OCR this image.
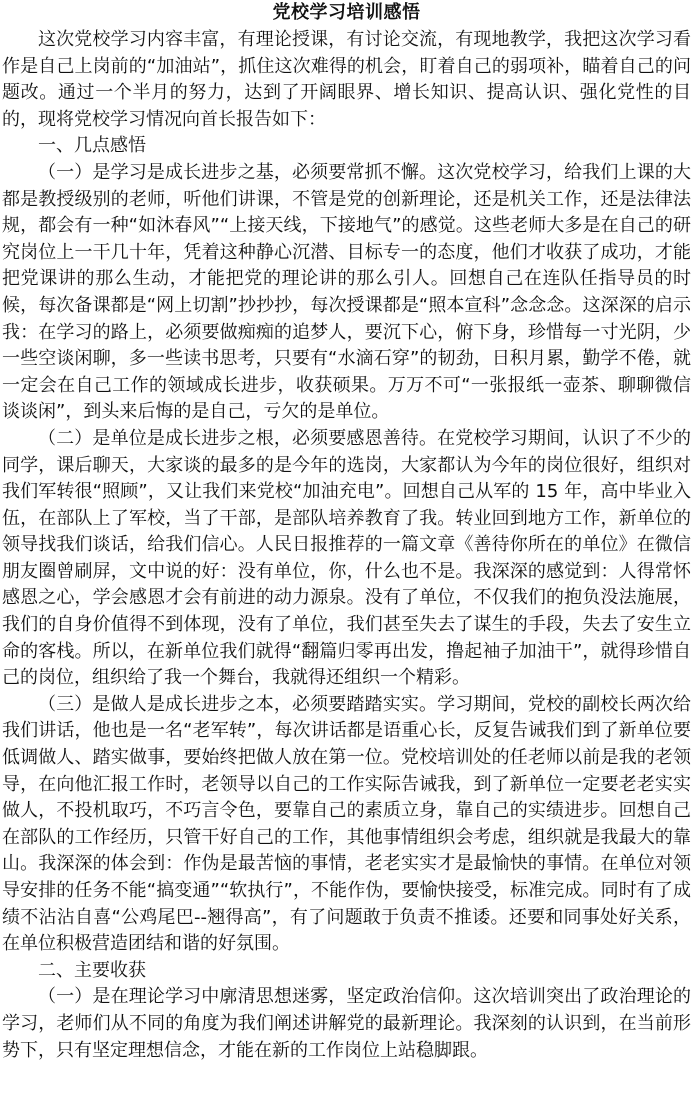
党校学习培训感悟

这次党校学习内容丰富，有理论授课，有讨论交流，有现地教学，我把这次学习看作是自己上岗前的“加油站”，抓住这次难得的机会，盯着自己的弱项补，瞄着自己的问题改。通过一个半月的努力，达到了开阔眼界、增长知识、提高认识、强化党性的目的，现将党校学习情况向首长报告如下：

一、几点感悟

（一）是学习是成长进步之基，必须要常抓不懈。这次党校学习，给我们上课的大都是教授级别的老师，听他们讲课，不管是党的创新理论，还是机关工作，还是法律法规，都会有一种“如沐春风”“上接天线，下接地气”的感觉。这些老师大多是在自己的研究岗位上一干几十年，凭着这种静心沉潜、目标专一的态度，他们才收获了成功，才能把党课讲的那么生动，才能把党的理论讲的那么引人。回想自己在连队任指导员的时候，每次备课都是“网上切割”抄抄抄，每次授课都是“照本宣科”念念念。这深深的启示我：在学习的路上，必须要做痴痴的追梦人，要沉下心，俯下身，珍惜每一寸光阴，少一些空谈闲聊，多一些读书思考，只要有“水滴石穿”的韧劲，日积月累，勤学不倦，就一定会在自己工作的领域成长进步，收获硕果。万万不可“一张报纸一壶茶、聊聊微信谈谈闲”，到头来后悔的是自己，亏欠的是单位。

（二）是单位是成长进步之根，必须要感恩善待。在党校学习期间，认识了不少的同学，课后聊天，大家谈的最多的是今年的选岗，大家都认为今年的岗位很好，组织对我们军转很“照顾”，又让我们来党校“加油充电”。回想自己从军的 15 年，高中毕业入伍，在部队上了军校，当了干部，是部队培养教育了我。转业回到地方工作，新单位的领导找我们谈话，给我们信心。人民日报推荐的一篇文章《善待你所在的单位》在微信朋友圈曾刷屏，文中说的好：没有单位，你，什么也不是。我深深的感觉到：人得常怀感恩之心，学会感恩才会有前进的动力源泉。没有了单位，不仅我们的抱负没法施展，我们的自身价值得不到体现，没有了单位，我们甚至失去了谋生的手段，失去了安生立命的客栈。所以，在新单位我们就得“翻篇归零再出发，撸起袖子加油干”，就得珍惜自己的岗位，组织给了我一个舞台，我就得还组织一个精彩。

（三）是做人是成长进步之本，必须要踏踏实实。学习期间，党校的副校长两次给我们讲话，他也是一名“老军转”，每次讲话都是语重心长，反复告诫我们到了新单位要低调做人、踏实做事，要始终把做人放在第一位。党校培训处的任老师以前是我的老领导，在向他汇报工作时，老领导以自己的工作实际告诫我，到了新单位一定要老老实实做人，不投机取巧，不巧言令色，要靠自己的素质立身，靠自己的实绩进步。回想自己在部队的工作经历，只管干好自己的工作，其他事情组织会考虑，组织就是我最大的靠山。我深深的体会到：作伪是最苦恼的事情，老老实实才是最愉快的事情。在单位对领导安排的任务不能“搞变通”“软执行”，不能作伪，要愉快接受，标准完成。同时有了成绩不沾沾自喜“公鸡尾巴--翘得高”，有了问题敢于负责不推诿。还要和同事处好关系，在单位积极营造团结和谐的好氛围。

二、主要收获

（一）是在理论学习中廓清思想迷雾，坚定政治信仰。这次培训突出了政治理论的学习，老师们从不同的角度为我们阐述讲解党的最新理论。我深刻的认识到，在当前形势下，只有坚定理想信念，才能在新的工作岗位上站稳脚跟。
